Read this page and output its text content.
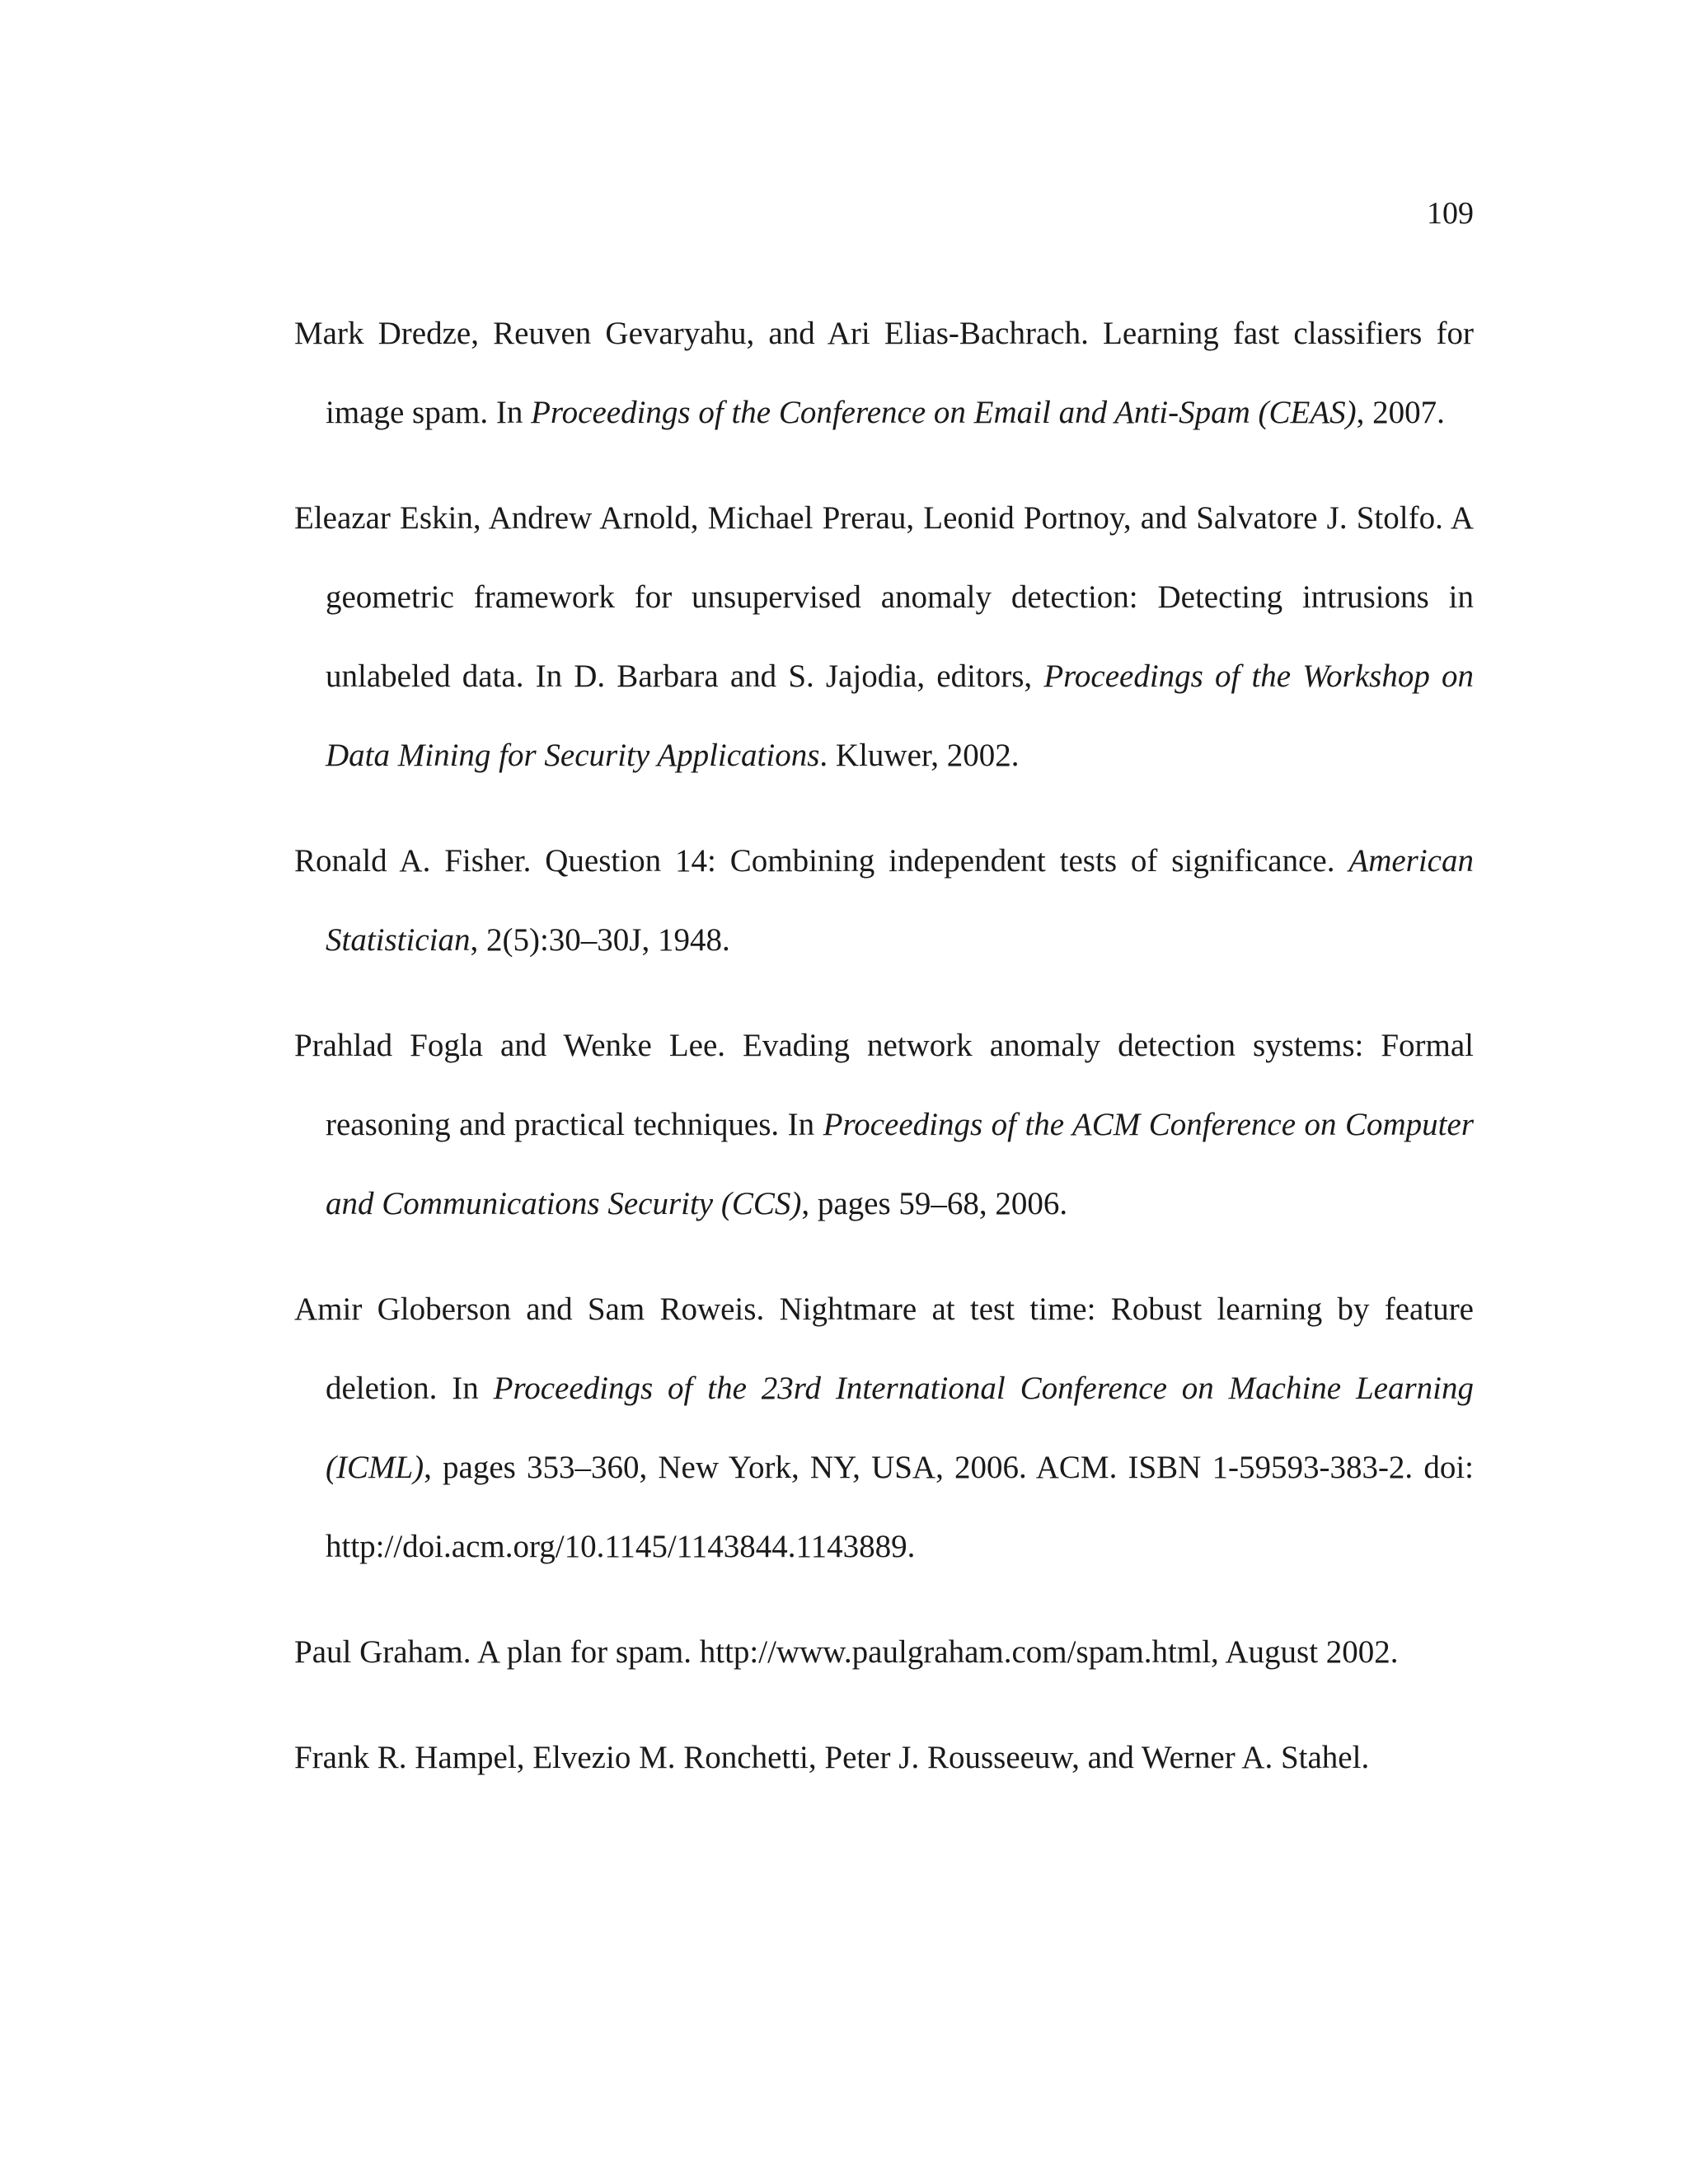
109
Mark Dredze, Reuven Gevaryahu, and Ari Elias-Bachrach. Learning fast classifiers for image spam. In Proceedings of the Conference on Email and Anti-Spam (CEAS), 2007.
Eleazar Eskin, Andrew Arnold, Michael Prerau, Leonid Portnoy, and Salvatore J. Stolfo. A geometric framework for unsupervised anomaly detection: Detecting intrusions in unlabeled data. In D. Barbara and S. Jajodia, editors, Proceedings of the Workshop on Data Mining for Security Applications. Kluwer, 2002.
Ronald A. Fisher. Question 14: Combining independent tests of significance. American Statistician, 2(5):30–30J, 1948.
Prahlad Fogla and Wenke Lee. Evading network anomaly detection systems: Formal reasoning and practical techniques. In Proceedings of the ACM Conference on Computer and Communications Security (CCS), pages 59–68, 2006.
Amir Globerson and Sam Roweis. Nightmare at test time: Robust learning by feature deletion. In Proceedings of the 23rd International Conference on Machine Learning (ICML), pages 353–360, New York, NY, USA, 2006. ACM. ISBN 1-59593-383-2. doi: http://doi.acm.org/10.1145/1143844.1143889.
Paul Graham. A plan for spam. http://www.paulgraham.com/spam.html, August 2002.
Frank R. Hampel, Elvezio M. Ronchetti, Peter J. Rousseeuw, and Werner A. Stahel.
